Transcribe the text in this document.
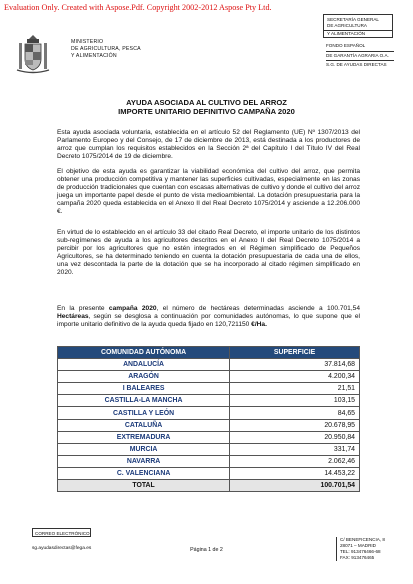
Evaluation Only. Created with Aspose.Pdf. Copyright 2002-2012 Aspose Pty Ltd.
MINISTERIO
DE AGRICULTURA, PESCA
Y ALIMENTACIÓN
SECRETARÍA GENERAL
DE AGRICULTURA
Y ALIMENTACIÓN
FONDO ESPAÑOL
DE GARANTÍA AGRARIA O.A.
S.G. DE AYUDAS DIRECTAS
AYUDA ASOCIADA AL CULTIVO DEL ARROZ
IMPORTE UNITARIO DEFINITIVO CAMPAÑA 2020
Esta ayuda asociada voluntaria, establecida en el artículo 52 del Reglamento (UE) Nº 1307/2013 del Parlamento Europeo y del Consejo, de 17 de diciembre de 2013, está destinada a los productores de arroz que cumplan los requisitos establecidos en la Sección 2ª del Capítulo I del Título IV del Real Decreto 1075/2014 de 19 de diciembre.
El objetivo de esta ayuda es garantizar la viabilidad económica del cultivo del arroz, que permita obtener una producción competitiva y mantener las superficies cultivadas, especialmente en las zonas de producción tradicionales que cuentan con escasas alternativas de cultivo y donde el cultivo del arroz juega un importante papel desde el punto de vista medioambiental. La dotación presupuestaria para la campaña 2020 queda establecida en el Anexo II del Real Decreto 1075/2014 y asciende a 12.206.000 €.
En virtud de lo establecido en el artículo 33 del citado Real Decreto, el importe unitario de los distintos sub-regímenes de ayuda a los agricultores descritos en el Anexo II del Real Decreto 1075/2014 a percibir por los agricultores que no estén integrados en el Régimen simplificado de Pequeños Agricultores, se ha determinado teniendo en cuenta la dotación presupuestaria de cada una de ellos, una vez descontada la parte de la dotación que se ha incorporado al citado régimen simplificado en 2020.
En la presente campaña 2020, el número de hectáreas determinadas asciende a 100.701,54 Hectáreas, según se desglosa a continuación por comunidades autónomas, lo que supone que el importe unitario definitivo de la ayuda queda fijado en 120,721150 €/Ha.
COMUNIDAD AUTÓNOMA	SUPERFICIE
ANDALUCÍA	37.814,68
ARAGÓN	4.200,34
I BALEARES	21,51
CASTILLA-LA MANCHA	103,15
CASTILLA Y LEÓN	84,65
CATALUÑA	20.678,95
EXTREMADURA	20.950,84
MURCIA	331,74
NAVARRA	2.062,46
C. VALENCIANA	14.453,22
TOTAL	100.701,54
CORREO ELECTRÓNICO
sg.ayudasdirectas@fega.es	Página 1 de 2
C/ BENEFICENCIA, 8
28071 – MADRID
TEL: 913476466-68
FAX: 913476465
